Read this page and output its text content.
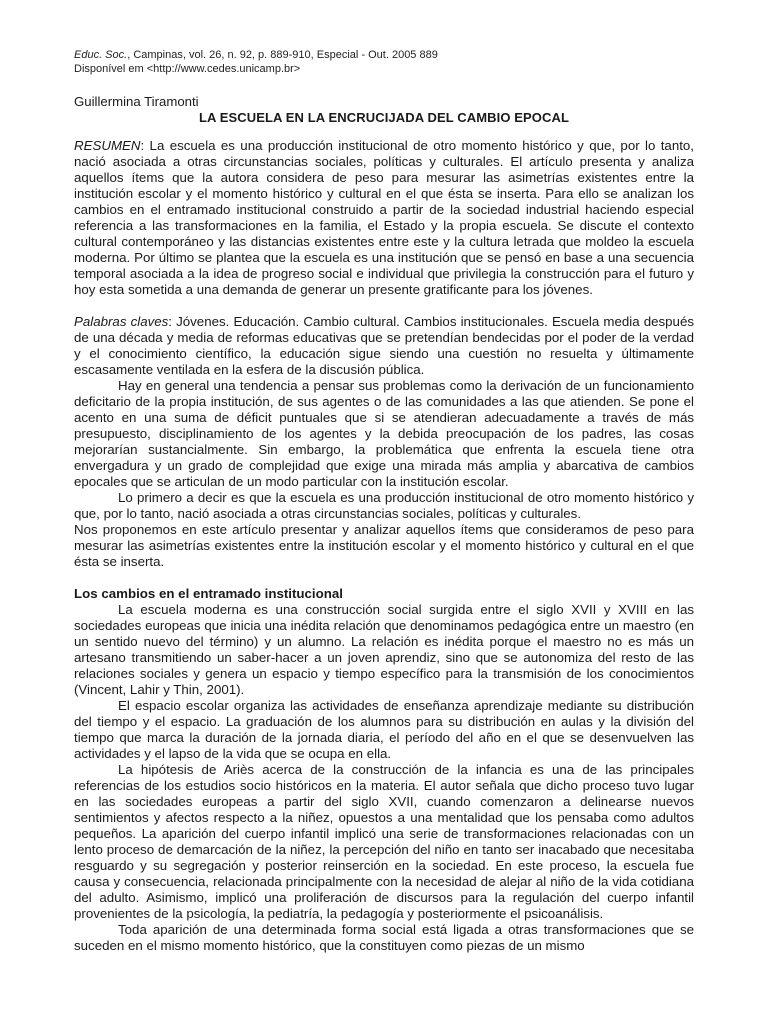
Educ. Soc., Campinas, vol. 26, n. 92, p. 889-910, Especial - Out. 2005 889
Disponível em <http://www.cedes.unicamp.br>
Guillermina Tiramonti
LA ESCUELA EN LA ENCRUCIJADA DEL CAMBIO EPOCAL

RESUMEN: La escuela es una producción institucional de otro momento histórico y que, por lo tanto, nació asociada a otras circunstancias sociales, políticas y culturales. El artículo presenta y analiza aquellos ítems que la autora considera de peso para mesurar las asimetrías existentes entre la institución escolar y el momento histórico y cultural en el que ésta se inserta. Para ello se analizan los cambios en el entramado institucional construido a partir de la sociedad industrial haciendo especial referencia a las transformaciones en la familia, el Estado y la propia escuela. Se discute el contexto cultural contemporáneo y las distancias existentes entre este y la cultura letrada que moldeo la escuela moderna. Por último se plantea que la escuela es una institución que se pensó en base a una secuencia temporal asociada a la idea de progreso social e individual que privilegia la construcción para el futuro y hoy esta sometida a una demanda de generar un presente gratificante para los jóvenes.

Palabras claves: Jóvenes. Educación. Cambio cultural. Cambios institucionales. Escuela media después de una década y media de reformas educativas que se pretendían bendecidas por el poder de la verdad y el conocimiento científico, la educación sigue siendo una cuestión no resuelta y últimamente escasamente ventilada en la esfera de la discusión pública.

Hay en general una tendencia a pensar sus problemas como la derivación de un funcionamiento deficitario de la propia institución, de sus agentes o de las comunidades a las que atienden. Se pone el acento en una suma de déficit puntuales que si se atendieran adecuadamente a través de más presupuesto, disciplinamiento de los agentes y la debida preocupación de los padres, las cosas mejorarían sustancialmente. Sin embargo, la problemática que enfrenta la escuela tiene otra envergadura y un grado de complejidad que exige una mirada más amplia y abarcativa de cambios epocales que se articulan de un modo particular con la institución escolar.

Lo primero a decir es que la escuela es una producción institucional de otro momento histórico y que, por lo tanto, nació asociada a otras circunstancias sociales, políticas y culturales.

Nos proponemos en este artículo presentar y analizar aquellos ítems que consideramos de peso para mesurar las asimetrías existentes entre la institución escolar y el momento histórico y cultural en el que ésta se inserta.

Los cambios en el entramado institucional

La escuela moderna es una construcción social surgida entre el siglo XVII y XVIII en las sociedades europeas que inicia una inédita relación que denominamos pedagógica entre un maestro (en un sentido nuevo del término) y un alumno. La relación es inédita porque el maestro no es más un artesano transmitiendo un saber-hacer a un joven aprendiz, sino que se autonomiza del resto de las relaciones sociales y genera un espacio y tiempo específico para la transmisión de los conocimientos (Vincent, Lahir y Thin, 2001).

El espacio escolar organiza las actividades de enseñanza aprendizaje mediante su distribución del tiempo y el espacio. La graduación de los alumnos para su distribución en aulas y la división del tiempo que marca la duración de la jornada diaria, el período del año en el que se desenvuelven las actividades y el lapso de la vida que se ocupa en ella.

La hipótesis de Ariès acerca de la construcción de la infancia es una de las principales referencias de los estudios socio históricos en la materia. El autor señala que dicho proceso tuvo lugar en las sociedades europeas a partir del siglo XVII, cuando comenzaron a delinearse nuevos sentimientos y afectos respecto a la niñez, opuestos a una mentalidad que los pensaba como adultos pequeños. La aparición del cuerpo infantil implicó una serie de transformaciones relacionadas con un lento proceso de demarcación de la niñez, la percepción del niño en tanto ser inacabado que necesitaba resguardo y su segregación y posterior reinserción en la sociedad. En este proceso, la escuela fue causa y consecuencia, relacionada principalmente con la necesidad de alejar al niño de la vida cotidiana del adulto. Asimismo, implicó una proliferación de discursos para la regulación del cuerpo infantil provenientes de la psicología, la pediatría, la pedagogía y posteriormente el psicoanálisis.

Toda aparición de una determinada forma social está ligada a otras transformaciones que se suceden en el mismo momento histórico, que la constituyen como piezas de un mismo
